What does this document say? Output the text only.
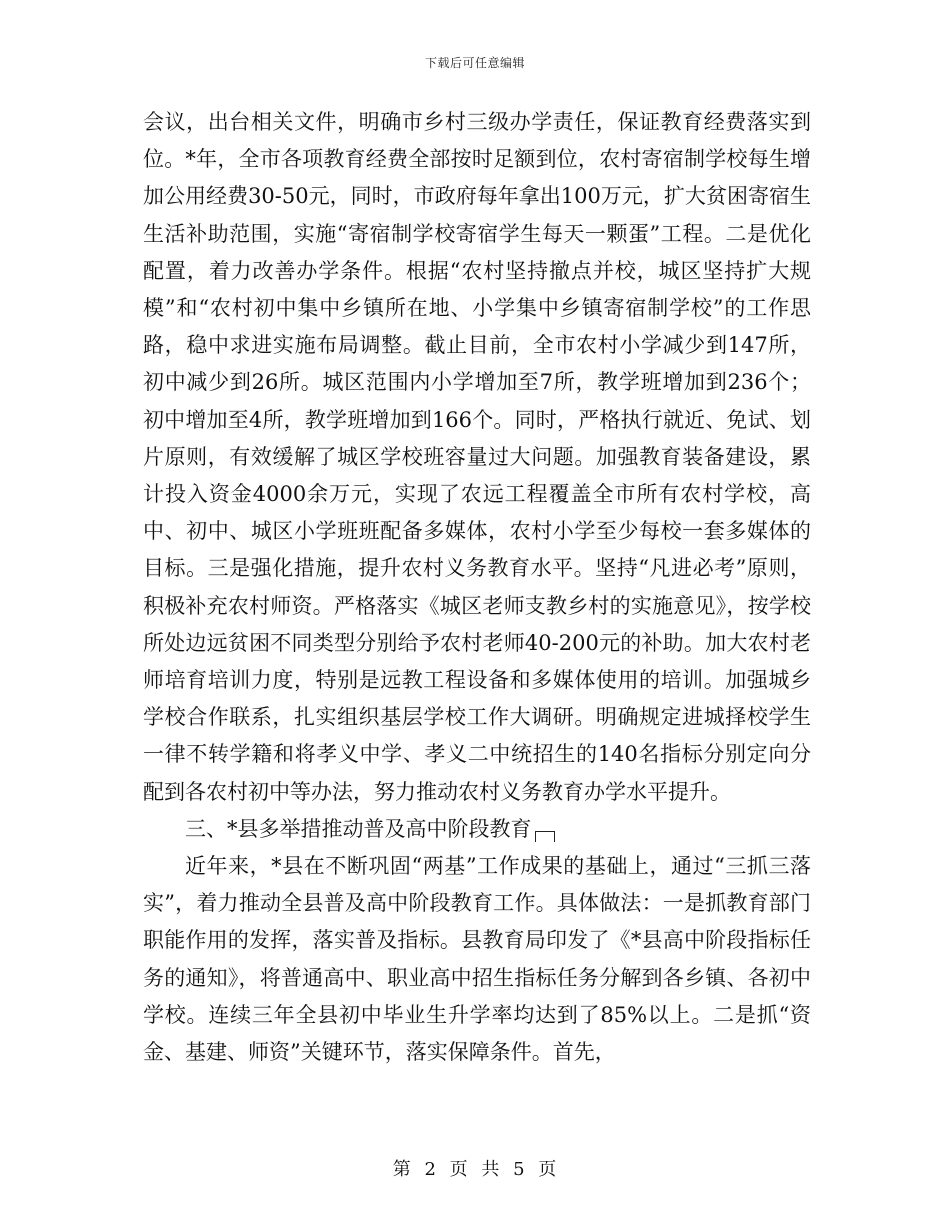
下载后可任意编辑

会议，出台相关文件，明确市乡村三级办学责任，保证教育经费落实到位。*年，全市各项教育经费全部按时足额到位，农村寄宿制学校每生增加公用经费30-50元，同时，市政府每年拿出100万元，扩大贫困寄宿生生活补助范围，实施“寄宿制学校寄宿学生每天一颗蛋”工程。二是优化配置，着力改善办学条件。根据“农村坚持撤点并校，城区坚持扩大规模”和“农村初中集中乡镇所在地、小学集中乡镇寄宿制学校”的工作思路，稳中求进实施布局调整。截止目前，全市农村小学减少到147所，初中减少到26所。城区范围内小学增加至7所，教学班增加到236个；初中增加至4所，教学班增加到166个。同时，严格执行就近、免试、划片原则，有效缓解了城区学校班容量过大问题。加强教育装备建设，累计投入资金4000余万元，实现了农远工程覆盖全市所有农村学校，高中、初中、城区小学班班配备多媒体，农村小学至少每校一套多媒体的目标。三是强化措施，提升农村义务教育水平。坚持“凡进必考”原则，积极补充农村师资。严格落实《城区老师支教乡村的实施意见》，按学校所处边远贫困不同类型分别给予农村老师40-200元的补助。加大农村老师培育培训力度，特别是远教工程设备和多媒体使用的培训。加强城乡学校合作联系，扎实组织基层学校工作大调研。明确规定进城择校学生一律不转学籍和将孝义中学、孝义二中统招生的140名指标分别定向分配到各农村初中等办法，努力推动农村义务教育办学水平提升。

三、*县多举措推动普及高中阶段教育

近年来，*县在不断巩固“两基”工作成果的基础上，通过“三抓三落实”，着力推动全县普及高中阶段教育工作。具体做法：一是抓教育部门职能作用的发挥，落实普及指标。县教育局印发了《*县高中阶段指标任务的通知》，将普通高中、职业高中招生指标任务分解到各乡镇、各初中学校。连续三年全县初中毕业生升学率均达到了85%以上。二是抓“资金、基建、师资”关键环节，落实保障条件。首先，

第 2 页 共 5 页
